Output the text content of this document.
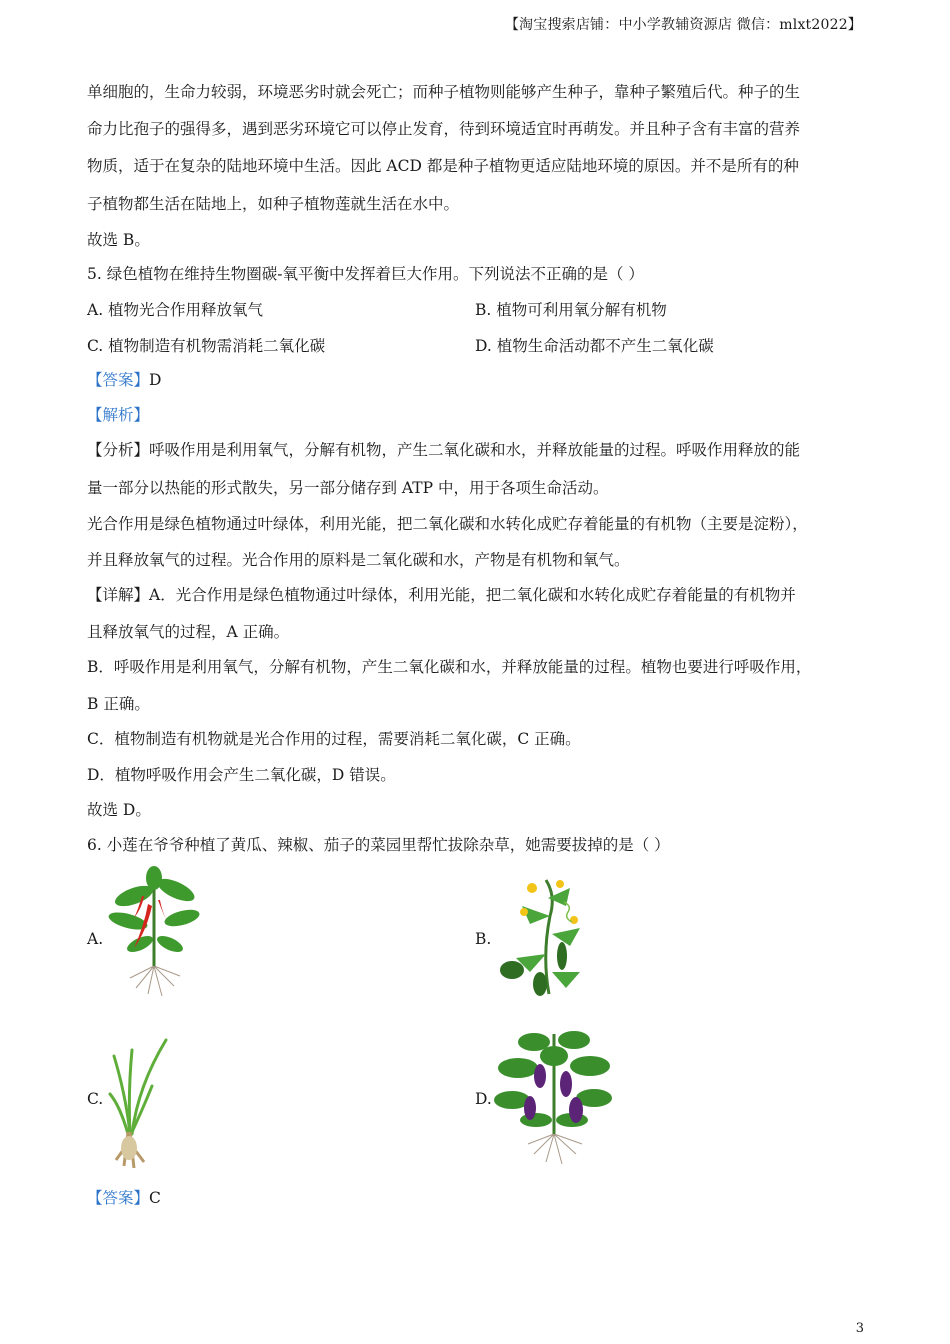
【淘宝搜索店铺：中小学教辅资源店 微信：mlxt2022】
单细胞的，生命力较弱，环境恶劣时就会死亡；而种子植物则能够产生种子，靠种子繁殖后代。种子的生
命力比孢子的强得多，遇到恶劣环境它可以停止发育，待到环境适宜时再萌发。并且种子含有丰富的营养
物质，适于在复杂的陆地环境中生活。因此 ACD 都是种子植物更适应陆地环境的原因。并不是所有的种
子植物都生活在陆地上，如种子植物莲就生活在水中。
故选 B。
5. 绿色植物在维持生物圈碳-氧平衡中发挥着巨大作用。下列说法不正确的是（ ）
A. 植物光合作用释放氧气	B. 植物可利用氧分解有机物
C. 植物制造有机物需消耗二氧化碳	D. 植物生命活动都不产生二氧化碳
【答案】D
【解析】
【分析】呼吸作用是利用氧气，分解有机物，产生二氧化碳和水，并释放能量的过程。呼吸作用释放的能
量一部分以热能的形式散失，另一部分储存到 ATP 中，用于各项生命活动。
光合作用是绿色植物通过叶绿体，利用光能，把二氧化碳和水转化成贮存着能量的有机物（主要是淀粉），
并且释放氧气的过程。光合作用的原料是二氧化碳和水，产物是有机物和氧气。
【详解】A．光合作用是绿色植物通过叶绿体，利用光能，把二氧化碳和水转化成贮存着能量的有机物并
且释放氧气的过程，A 正确。
B．呼吸作用是利用氧气，分解有机物，产生二氧化碳和水，并释放能量的过程。植物也要进行呼吸作用，
B 正确。
C．植物制造有机物就是光合作用的过程，需要消耗二氧化碳，C 正确。
D．植物呼吸作用会产生二氧化碳，D 错误。
故选 D。
6. 小莲在爷爷种植了黄瓜、辣椒、茄子的菜园里帮忙拔除杂草，她需要拔掉的是（ ）
A.	B.
C.	D.
【答案】C
3
